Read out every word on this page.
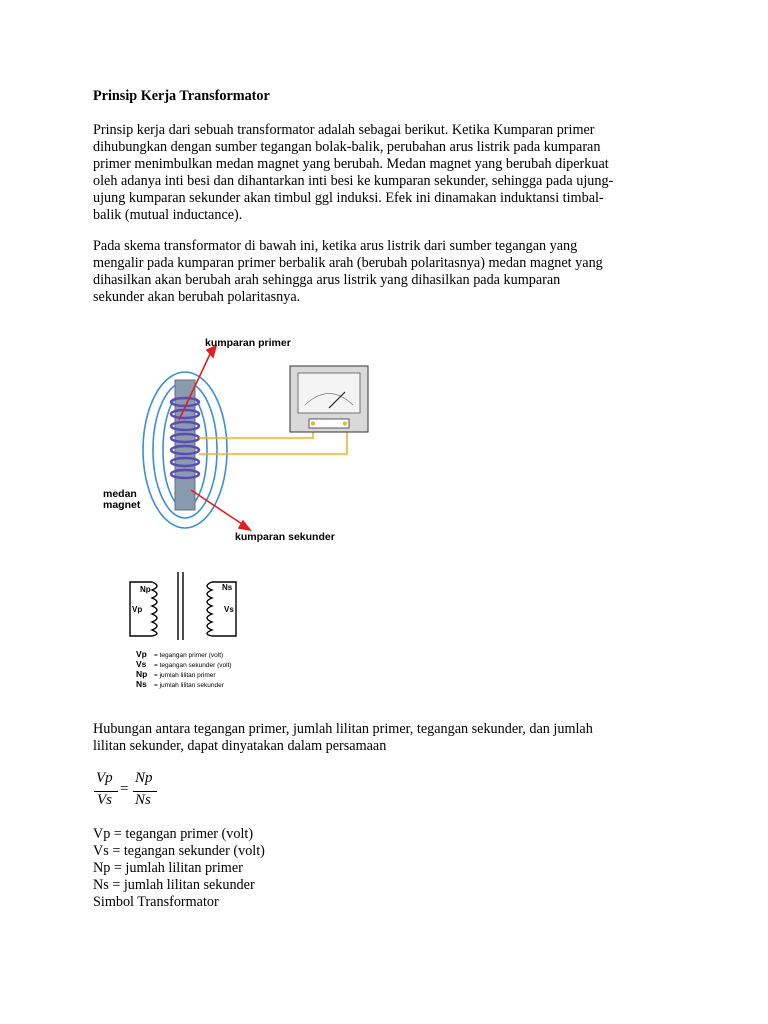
Prinsip Kerja Transformator
Prinsip kerja dari sebuah transformator adalah sebagai berikut. Ketika Kumparan primer
dihubungkan dengan sumber tegangan bolak-balik, perubahan arus listrik pada kumparan
primer menimbulkan medan magnet yang berubah. Medan magnet yang berubah diperkuat
oleh adanya inti besi dan dihantarkan inti besi ke kumparan sekunder, sehingga pada ujung-
ujung kumparan sekunder akan timbul ggl induksi. Efek ini dinamakan induktansi timbal-
balik (mutual inductance).
Pada skema transformator di bawah ini, ketika arus listrik dari sumber tegangan yang
mengalir pada kumparan primer berbalik arah (berubah polaritasnya) medan magnet yang
dihasilkan akan berubah arah sehingga arus listrik yang dihasilkan pada kumparan
sekunder akan berubah polaritasnya.
kumparan primer
kumparan sekunder
medan
magnet
Np	Ns
Vp	Vs
Vp = tegangan primer (volt)
Vs = tegangan sekunder (volt)
Np = jumlah lilitan primer
Ns = jumlah lilitan sekunder
Hubungan antara tegangan primer, jumlah lilitan primer, tegangan sekunder, dan jumlah
lilitan sekunder, dapat dinyatakan dalam persamaan
Vp
Vs
=
Np
Ns
Vp = tegangan primer (volt)
Vs = tegangan sekunder (volt)
Np = jumlah lilitan primer
Ns = jumlah lilitan sekunder
Simbol Transformator
